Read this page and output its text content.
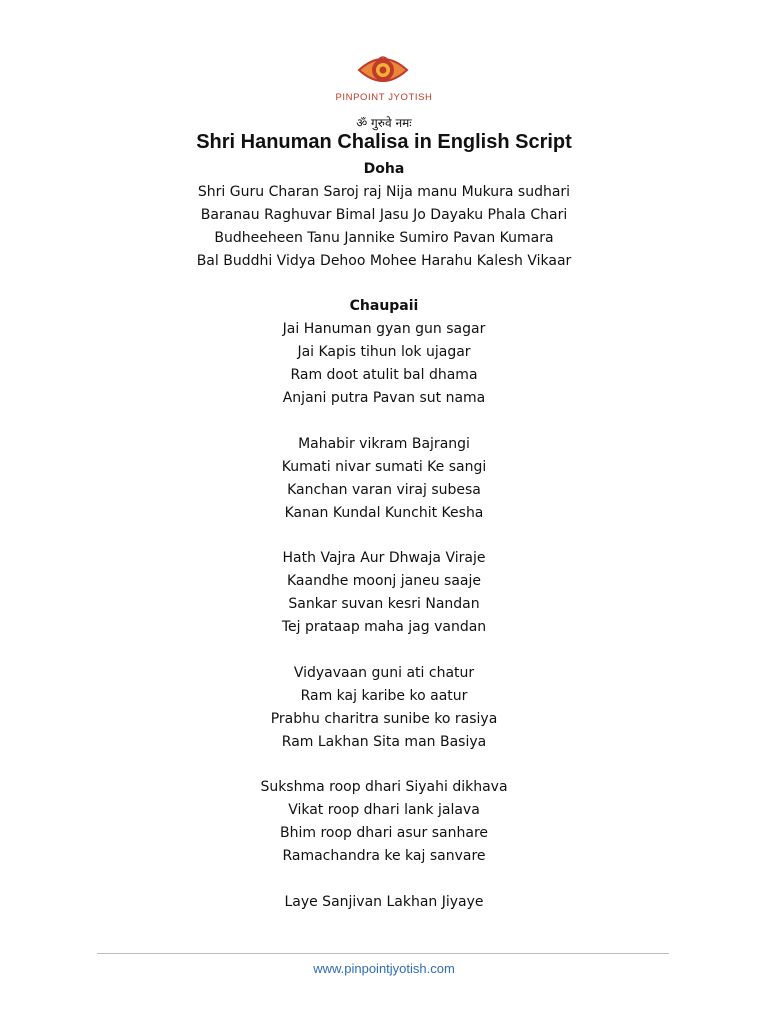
PINPOINT JYOTISH
ॐ गुरुवे नमः
Shri Hanuman Chalisa in English Script
Doha
Shri Guru Charan Saroj raj Nija manu Mukura sudhari
Baranau Raghuvar Bimal Jasu Jo Dayaku Phala Chari
Budheeheen Tanu Jannike Sumiro Pavan Kumara
Bal Buddhi Vidya Dehoo Mohee Harahu Kalesh Vikaar
Chaupaii
Jai Hanuman gyan gun sagar
Jai Kapis tihun lok ujagar
Ram doot atulit bal dhama
Anjani putra Pavan sut nama
Mahabir vikram Bajrangi
Kumati nivar sumati Ke sangi
Kanchan varan viraj subesa
Kanan Kundal Kunchit Kesha
Hath Vajra Aur Dhwaja Viraje
Kaandhe moonj janeu saaje
Sankar suvan kesri Nandan
Tej prataap maha jag vandan
Vidyavaan guni ati chatur
Ram kaj karibe ko aatur
Prabhu charitra sunibe ko rasiya
Ram Lakhan Sita man Basiya
Sukshma roop dhari Siyahi dikhava
Vikat roop dhari lank jalava
Bhim roop dhari asur sanhare
Ramachandra ke kaj sanvare
Laye Sanjivan Lakhan Jiyaye
www.pinpointjyotish.com
